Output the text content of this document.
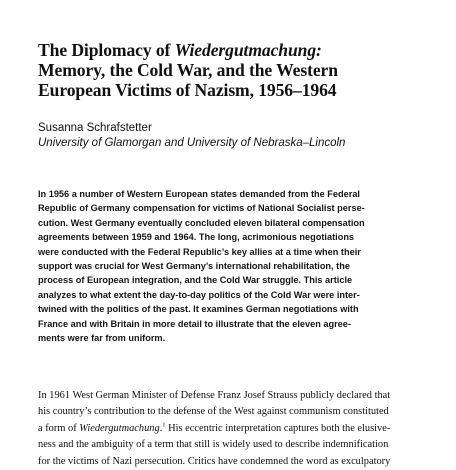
The Diplomacy of Wiedergutmachung:
Memory, the Cold War, and the Western
European Victims of Nazism, 1956–1964
Susanna Schrafstetter
University of Glamorgan and University of Nebraska–Lincoln
In 1956 a number of Western European states demanded from the Federal
Republic of Germany compensation for victims of National Socialist perse-
cution. West Germany eventually concluded eleven bilateral compensation
agreements between 1959 and 1964. The long, acrimonious negotiations
were conducted with the Federal Republic’s key allies at a time when their
support was crucial for West Germany’s international rehabilitation, the
process of European integration, and the Cold War struggle. This article
analyzes to what extent the day-to-day politics of the Cold War were inter-
twined with the politics of the past. It examines German negotiations with
France and with Britain in more detail to illustrate that the eleven agree-
ments were far from uniform.
In 1961 West German Minister of Defense Franz Josef Strauss publicly declared that
his country’s contribution to the defense of the West against communism constituted
a form of Wiedergutmachung.$^1$ His eccentric interpretation captures both the elusive-
ness and the ambiguity of a term that still is widely used to describe indemnification
for the victims of Nazi persecution. Critics have condemned the word as exculpatory
